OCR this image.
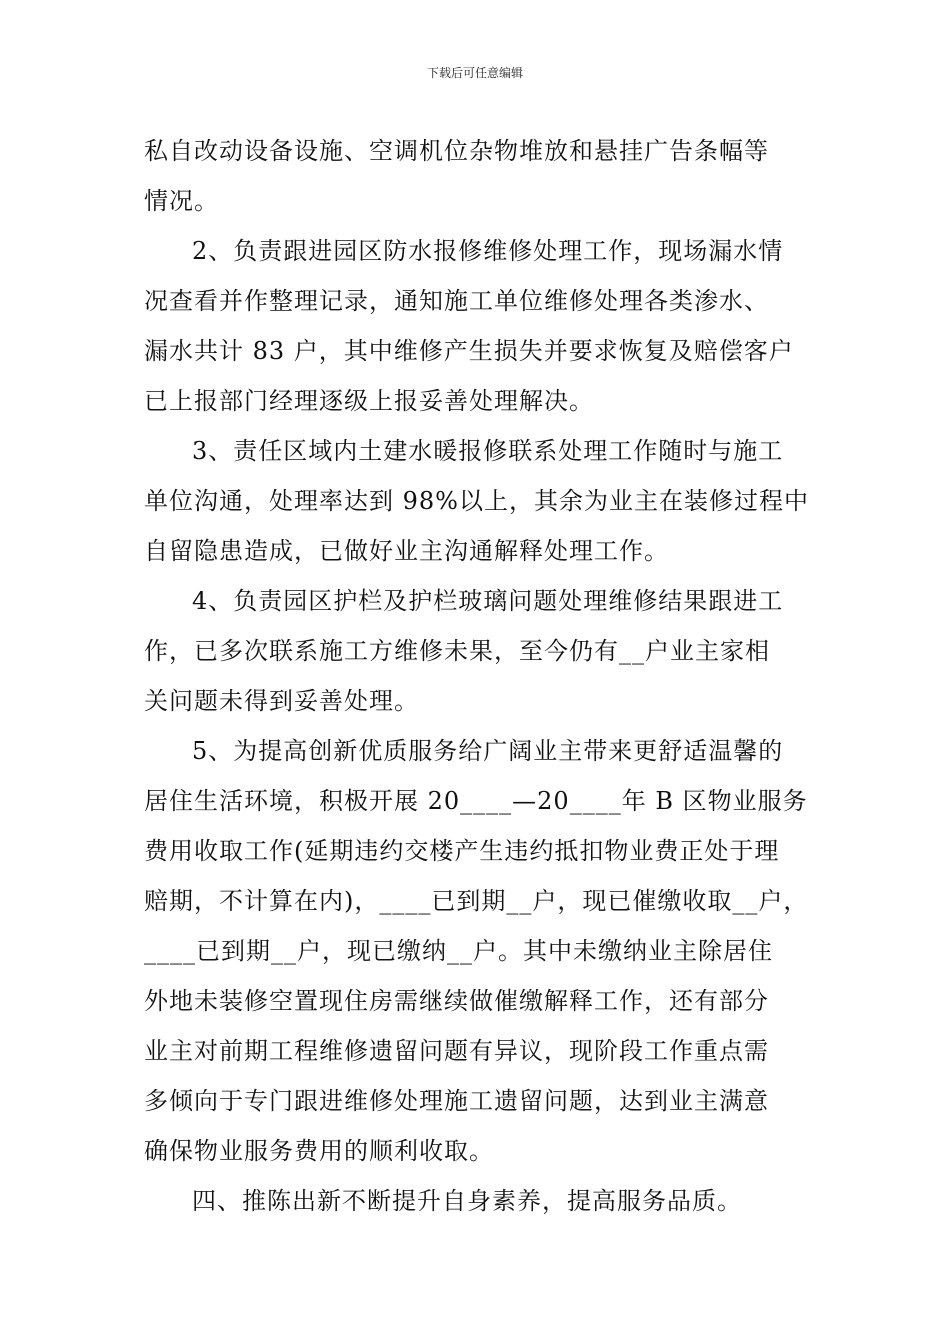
下载后可任意编辑
私自改动设备设施、空调机位杂物堆放和悬挂广告条幅等
情况。
2、负责跟进园区防水报修维修处理工作，现场漏水情
况查看并作整理记录，通知施工单位维修处理各类渗水、
漏水共计 83 户，其中维修产生损失并要求恢复及赔偿客户
已上报部门经理逐级上报妥善处理解决。
3、责任区域内土建水暖报修联系处理工作随时与施工
单位沟通，处理率达到 98%以上，其余为业主在装修过程中
自留隐患造成，已做好业主沟通解释处理工作。
4、负责园区护栏及护栏玻璃问题处理维修结果跟进工
作，已多次联系施工方维修未果，至今仍有__户业主家相
关问题未得到妥善处理。
5、为提高创新优质服务给广阔业主带来更舒适温馨的
居住生活环境，积极开展 20____—20____年 B 区物业服务
费用收取工作(延期违约交楼产生违约抵扣物业费正处于理
赔期，不计算在内)，____已到期__户，现已催缴收取__户，
____已到期__户，现已缴纳__户。其中未缴纳业主除居住
外地未装修空置现住房需继续做催缴解释工作，还有部分
业主对前期工程维修遗留问题有异议，现阶段工作重点需
多倾向于专门跟进维修处理施工遗留问题，达到业主满意
确保物业服务费用的顺利收取。
四、推陈出新不断提升自身素养，提高服务品质。
